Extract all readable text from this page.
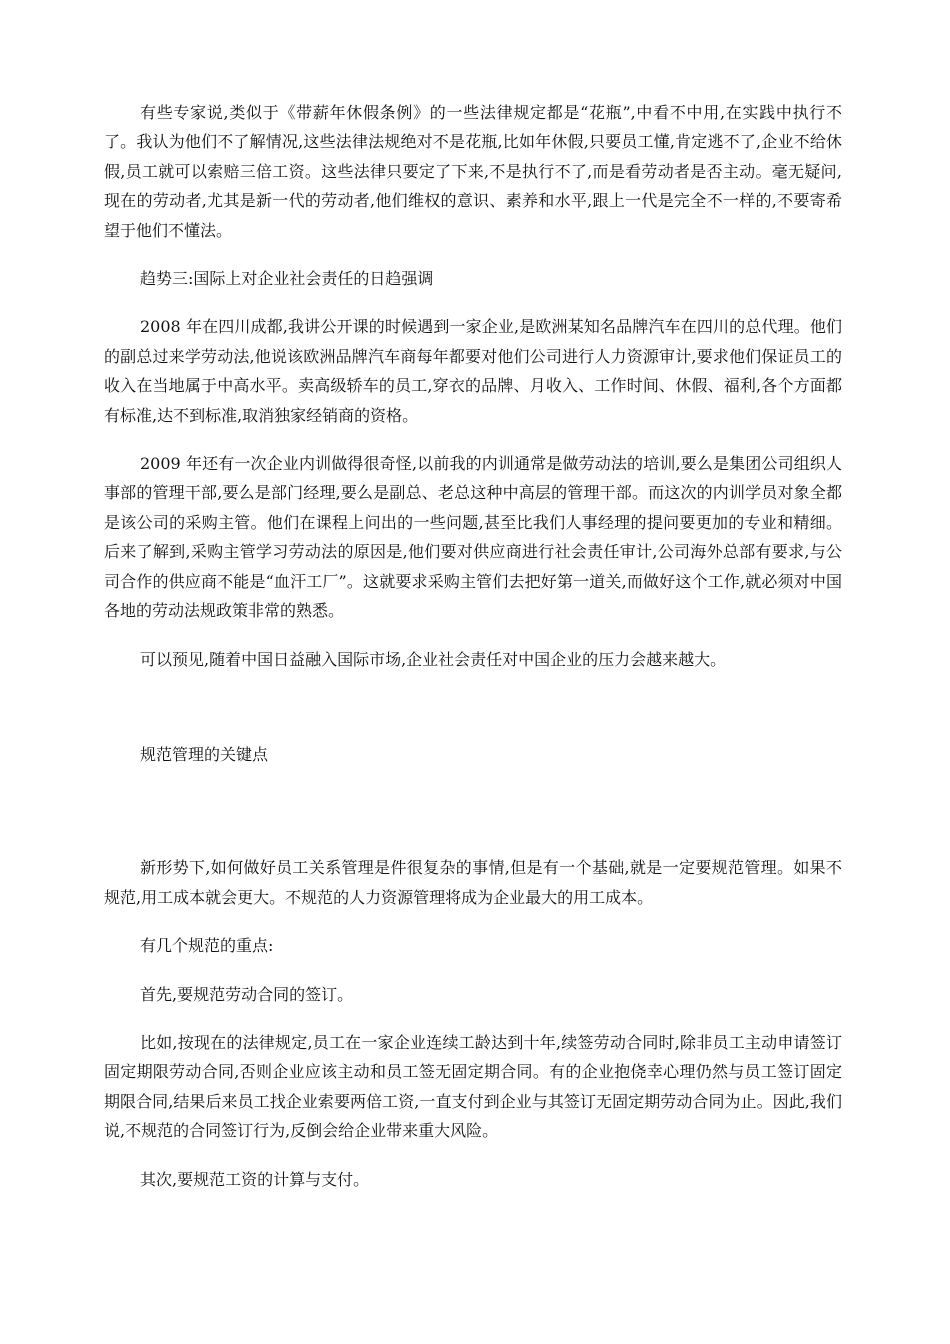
有些专家说,类似于《带薪年休假条例》的一些法律规定都是“花瓶”,中看不中用,在实践中执行不了。我认为他们不了解情况,这些法律法规绝对不是花瓶,比如年休假,只要员工懂,肯定逃不了,企业不给休假,员工就可以索赔三倍工资。这些法律只要定了下来,不是执行不了,而是看劳动者是否主动。毫无疑问,现在的劳动者,尤其是新一代的劳动者,他们维权的意识、素养和水平,跟上一代是完全不一样的,不要寄希望于他们不懂法。

趋势三:国际上对企业社会责任的日趋强调

2008 年在四川成都,我讲公开课的时候遇到一家企业,是欧洲某知名品牌汽车在四川的总代理。他们的副总过来学劳动法,他说该欧洲品牌汽车商每年都要对他们公司进行人力资源审计,要求他们保证员工的收入在当地属于中高水平。卖高级轿车的员工,穿衣的品牌、月收入、工作时间、休假、福利,各个方面都有标准,达不到标准,取消独家经销商的资格。

2009 年还有一次企业内训做得很奇怪,以前我的内训通常是做劳动法的培训,要么是集团公司组织人事部的管理干部,要么是部门经理,要么是副总、老总这种中高层的管理干部。而这次的内训学员对象全都是该公司的采购主管。他们在课程上问出的一些问题,甚至比我们人事经理的提问要更加的专业和精细。后来了解到,采购主管学习劳动法的原因是,他们要对供应商进行社会责任审计,公司海外总部有要求,与公司合作的供应商不能是“血汗工厂”。这就要求采购主管们去把好第一道关,而做好这个工作,就必须对中国各地的劳动法规政策非常的熟悉。

可以预见,随着中国日益融入国际市场,企业社会责任对中国企业的压力会越来越大。

规范管理的关键点

新形势下,如何做好员工关系管理是件很复杂的事情,但是有一个基础,就是一定要规范管理。如果不规范,用工成本就会更大。不规范的人力资源管理将成为企业最大的用工成本。

有几个规范的重点:

首先,要规范劳动合同的签订。

比如,按现在的法律规定,员工在一家企业连续工龄达到十年,续签劳动合同时,除非员工主动申请签订固定期限劳动合同,否则企业应该主动和员工签无固定期合同。有的企业抱侥幸心理仍然与员工签订固定期限合同,结果后来员工找企业索要两倍工资,一直支付到企业与其签订无固定期劳动合同为止。因此,我们说,不规范的合同签订行为,反倒会给企业带来重大风险。

其次,要规范工资的计算与支付。
